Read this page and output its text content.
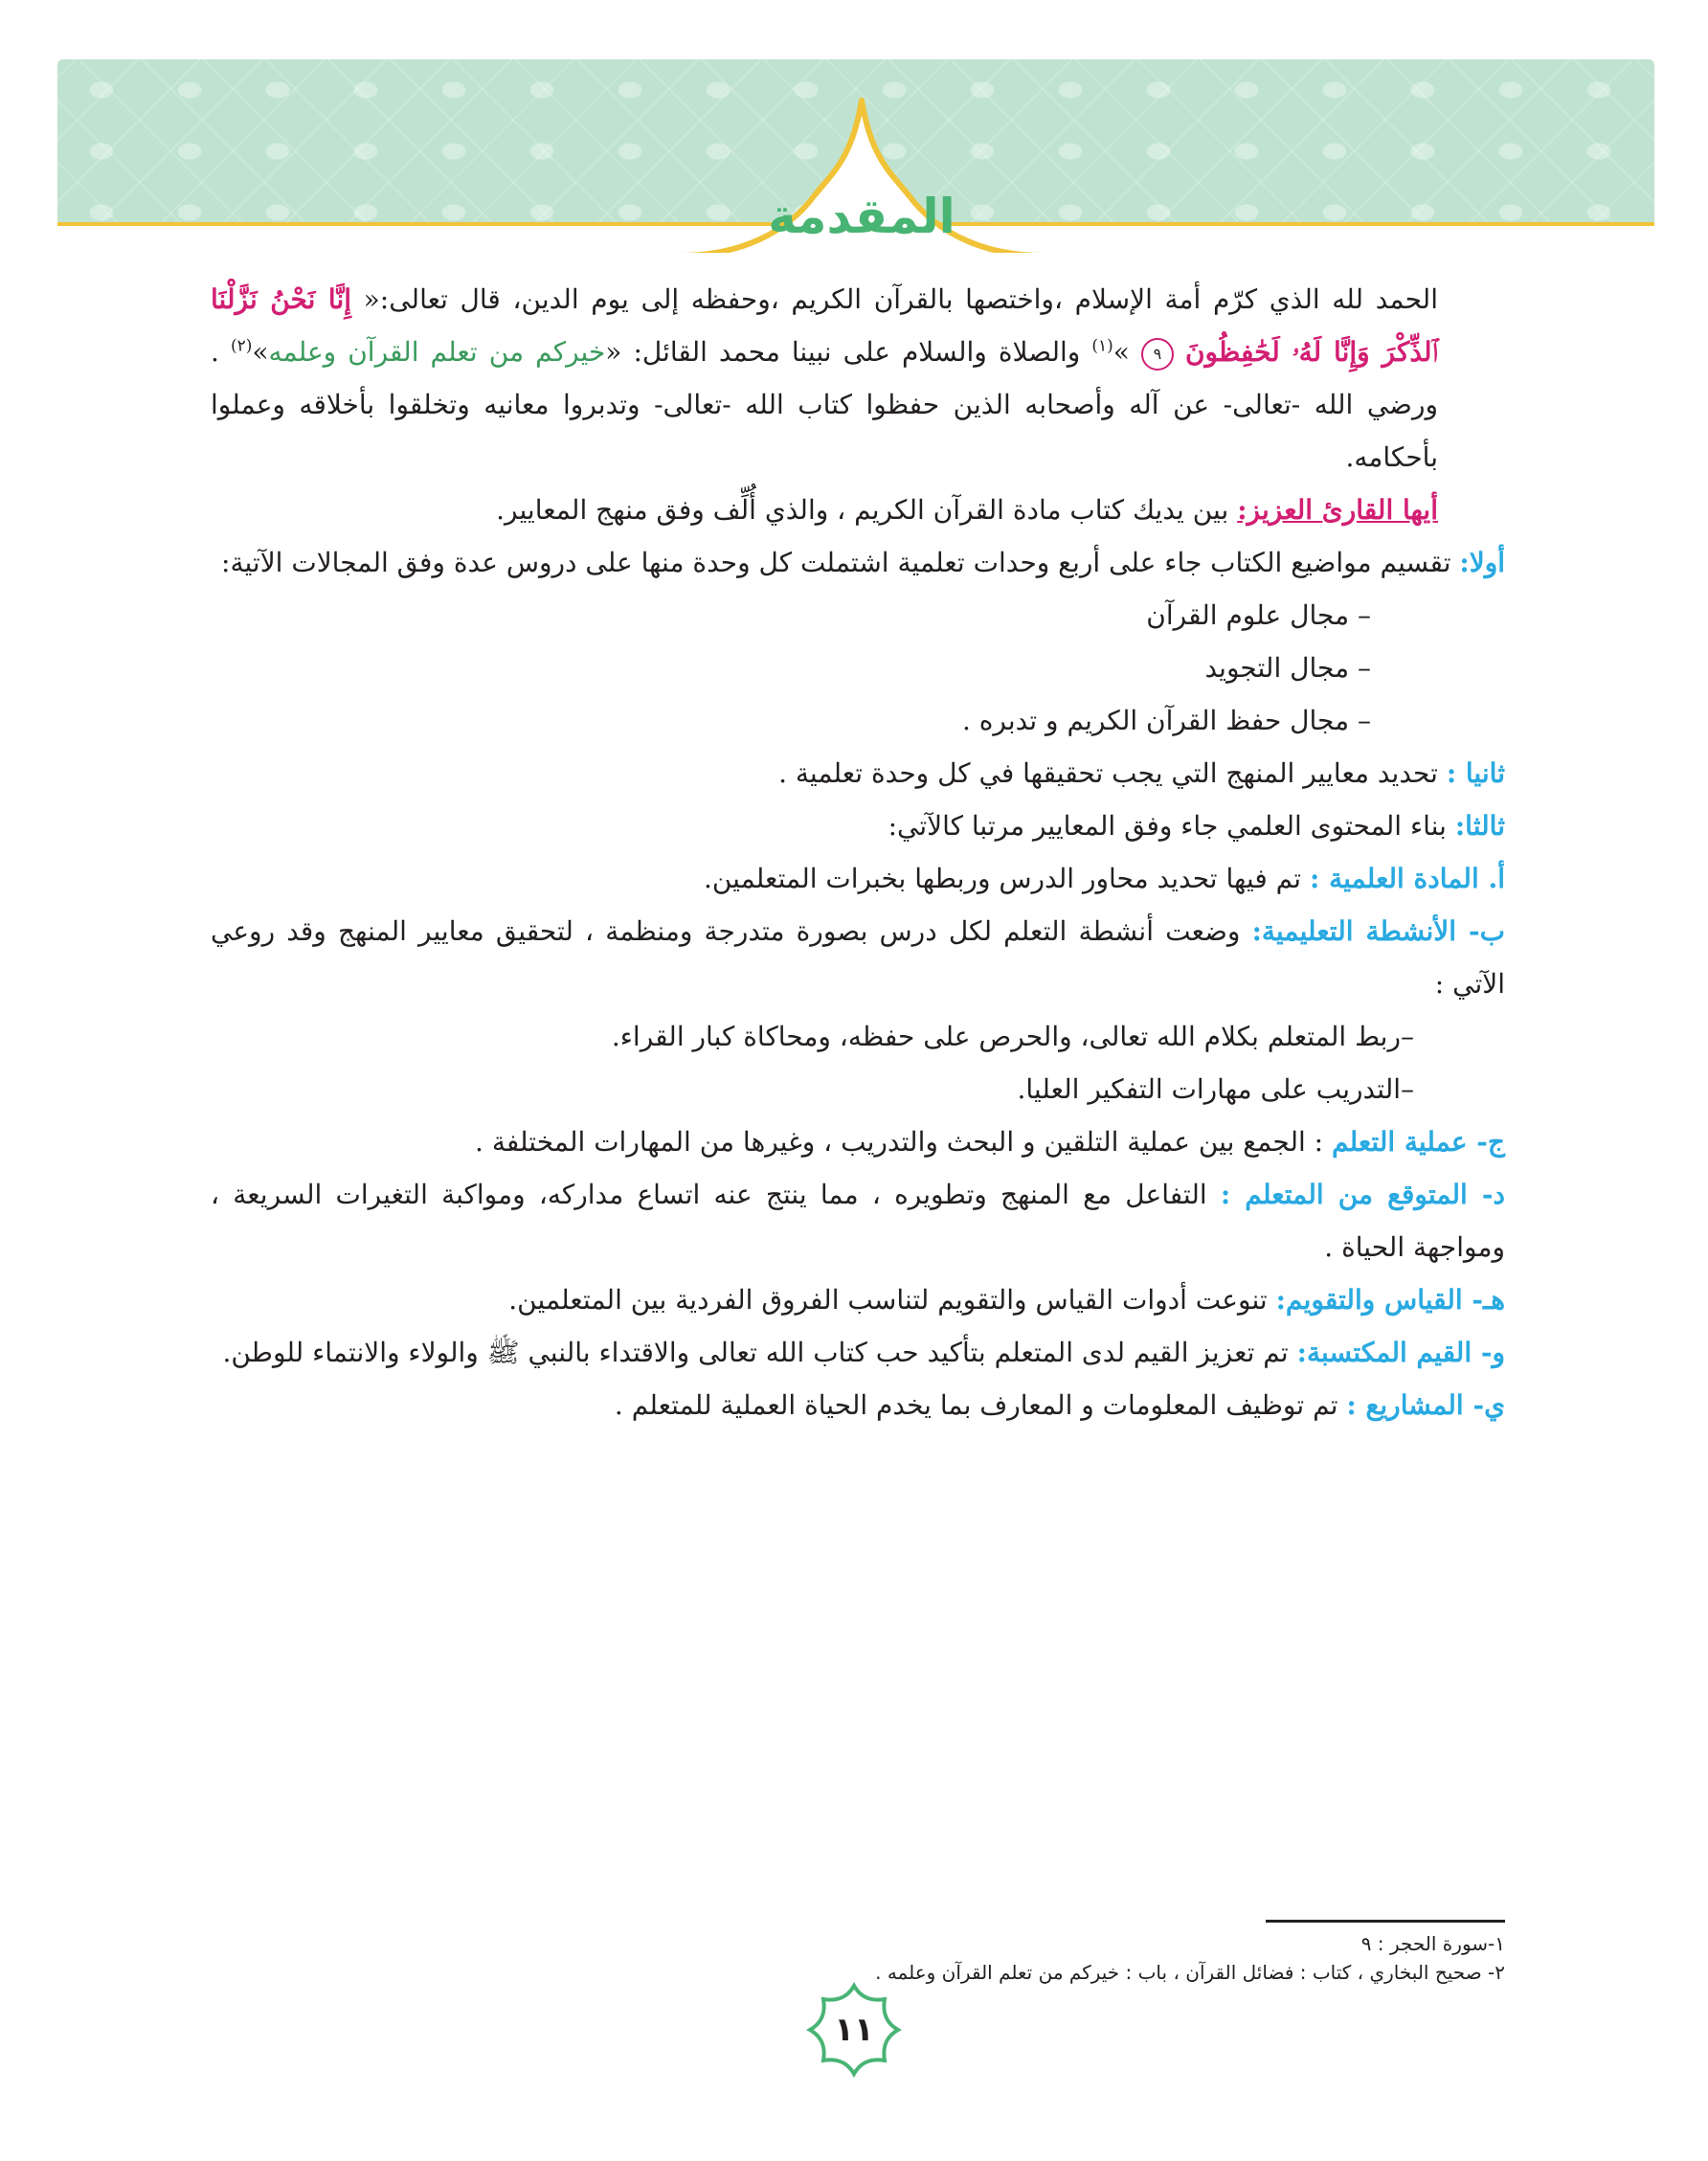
المقدمة

الحمد لله الذي كرّم أمة الإسلام ،واختصها بالقرآن الكريم ،وحفظه إلى يوم الدين، قال تعالى:« إِنَّا نَحْنُ نَزَّلْنَا ٱلذِّكْرَ وَإِنَّا لَهُۥ لَحَٰفِظُونَ ٩ »$^{(١)}$ والصلاة والسلام على نبينا محمد القائل: «خيركم من تعلم القرآن وعلمه»$^{(٢)}$ . ورضي الله -تعالى- عن آله وأصحابه الذين حفظوا كتاب الله -تعالى- وتدبروا معانيه وتخلقوا بأخلاقه وعملوا بأحكامه.

أيها القارئ العزيز: بين يديك كتاب مادة القرآن الكريم ، والذي أُلِّف وفق منهج المعايير.

أولا: تقسيم مواضيع الكتاب جاء على أربع وحدات تعلمية اشتملت كل وحدة منها على دروس عدة وفق المجالات الآتية:

– مجال علوم القرآن

– مجال التجويد

– مجال حفظ القرآن الكريم و تدبره .

ثانيا : تحديد معايير المنهج التي يجب تحقيقها في كل وحدة تعلمية .

ثالثا: بناء المحتوى العلمي جاء وفق المعايير مرتبا كالآتي:

أ. المادة العلمية : تم فيها تحديد محاور الدرس وربطها بخبرات المتعلمين.

ب- الأنشطة التعليمية: وضعت أنشطة التعلم لكل درس بصورة متدرجة ومنظمة ، لتحقيق معايير المنهج وقد روعي الآتي :

–ربط المتعلم بكلام الله تعالى، والحرص على حفظه، ومحاكاة كبار القراء.

–التدريب على مهارات التفكير العليا.

ج- عملية التعلم : الجمع بين عملية التلقين و البحث والتدريب ، وغيرها من المهارات المختلفة .

د- المتوقع من المتعلم : التفاعل مع المنهج وتطويره ، مما ينتج عنه اتساع مداركه، ومواكبة التغيرات السريعة ، ومواجهة الحياة .

هـ- القياس والتقويم: تنوعت أدوات القياس والتقويم لتناسب الفروق الفردية بين المتعلمين.

و- القيم المكتسبة: تم تعزيز القيم لدى المتعلم بتأكيد حب كتاب الله تعالى والاقتداء بالنبي ﷺ والولاء والانتماء للوطن.

ي- المشاريع : تم توظيف المعلومات و المعارف بما يخدم الحياة العملية للمتعلم .

١-سورة الحجر : ٩

٢- صحيح البخاري ، كتاب : فضائل القرآن ، باب : خيركم من تعلم القرآن وعلمه .

١١
